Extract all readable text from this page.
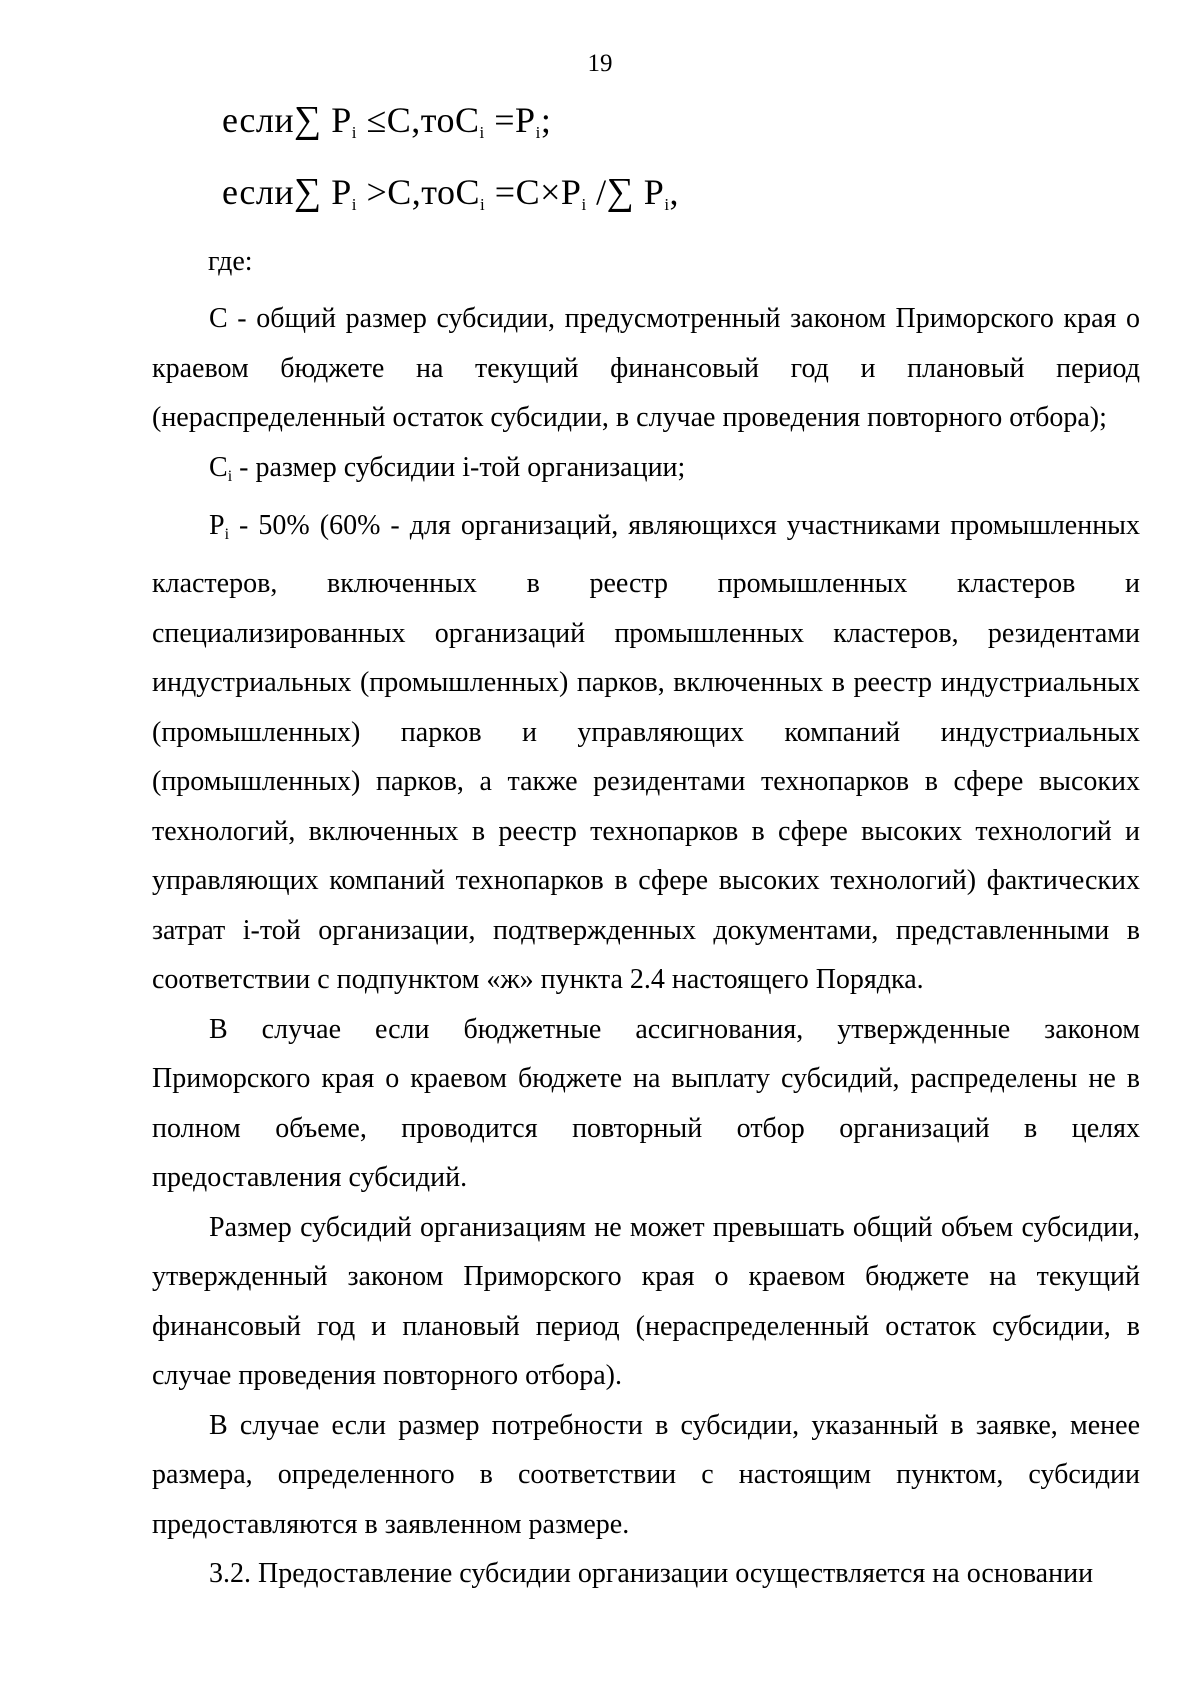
19
если∑ $P_i \le C,тоC_i =P_i$;
если∑ $P_i >C,тоC_i =C\times P_i$ /∑ $P_i$,
где:

С - общий размер субсидии, предусмотренный законом Приморского края о краевом бюджете на текущий финансовый год и плановый период (нераспределенный остаток субсидии, в случае проведения повторного отбора);

$С_i$ - размер субсидии i-той организации;

$P_i - 50\%$ (60% - для организаций, являющихся участниками промышленных кластеров, включенных в реестр промышленных кластеров и специализированных организаций промышленных кластеров, резидентами индустриальных (промышленных) парков, включенных в реестр индустриальных (промышленных) парков и управляющих компаний индустриальных (промышленных) парков, а также резидентами технопарков в сфере высоких технологий, включенных в реестр технопарков в сфере высоких технологий и управляющих компаний технопарков в сфере высоких технологий) фактических затрат i-той организации, подтвержденных документами, представленными в соответствии с подпунктом «ж» пункта 2.4 настоящего Порядка.

В случае если бюджетные ассигнования, утвержденные законом Приморского края о краевом бюджете на выплату субсидий, распределены не в полном объеме, проводится повторный отбор организаций в целях предоставления субсидий.

Размер субсидий организациям не может превышать общий объем субсидии, утвержденный законом Приморского края о краевом бюджете на текущий финансовый год и плановый период (нераспределенный остаток субсидии, в случае проведения повторного отбора).

В случае если размер потребности в субсидии, указанный в заявке, менее размера, определенного в соответствии с настоящим пунктом, субсидии предоставляются в заявленном размере.

3.2. Предоставление субсидии организации осуществляется на основании
